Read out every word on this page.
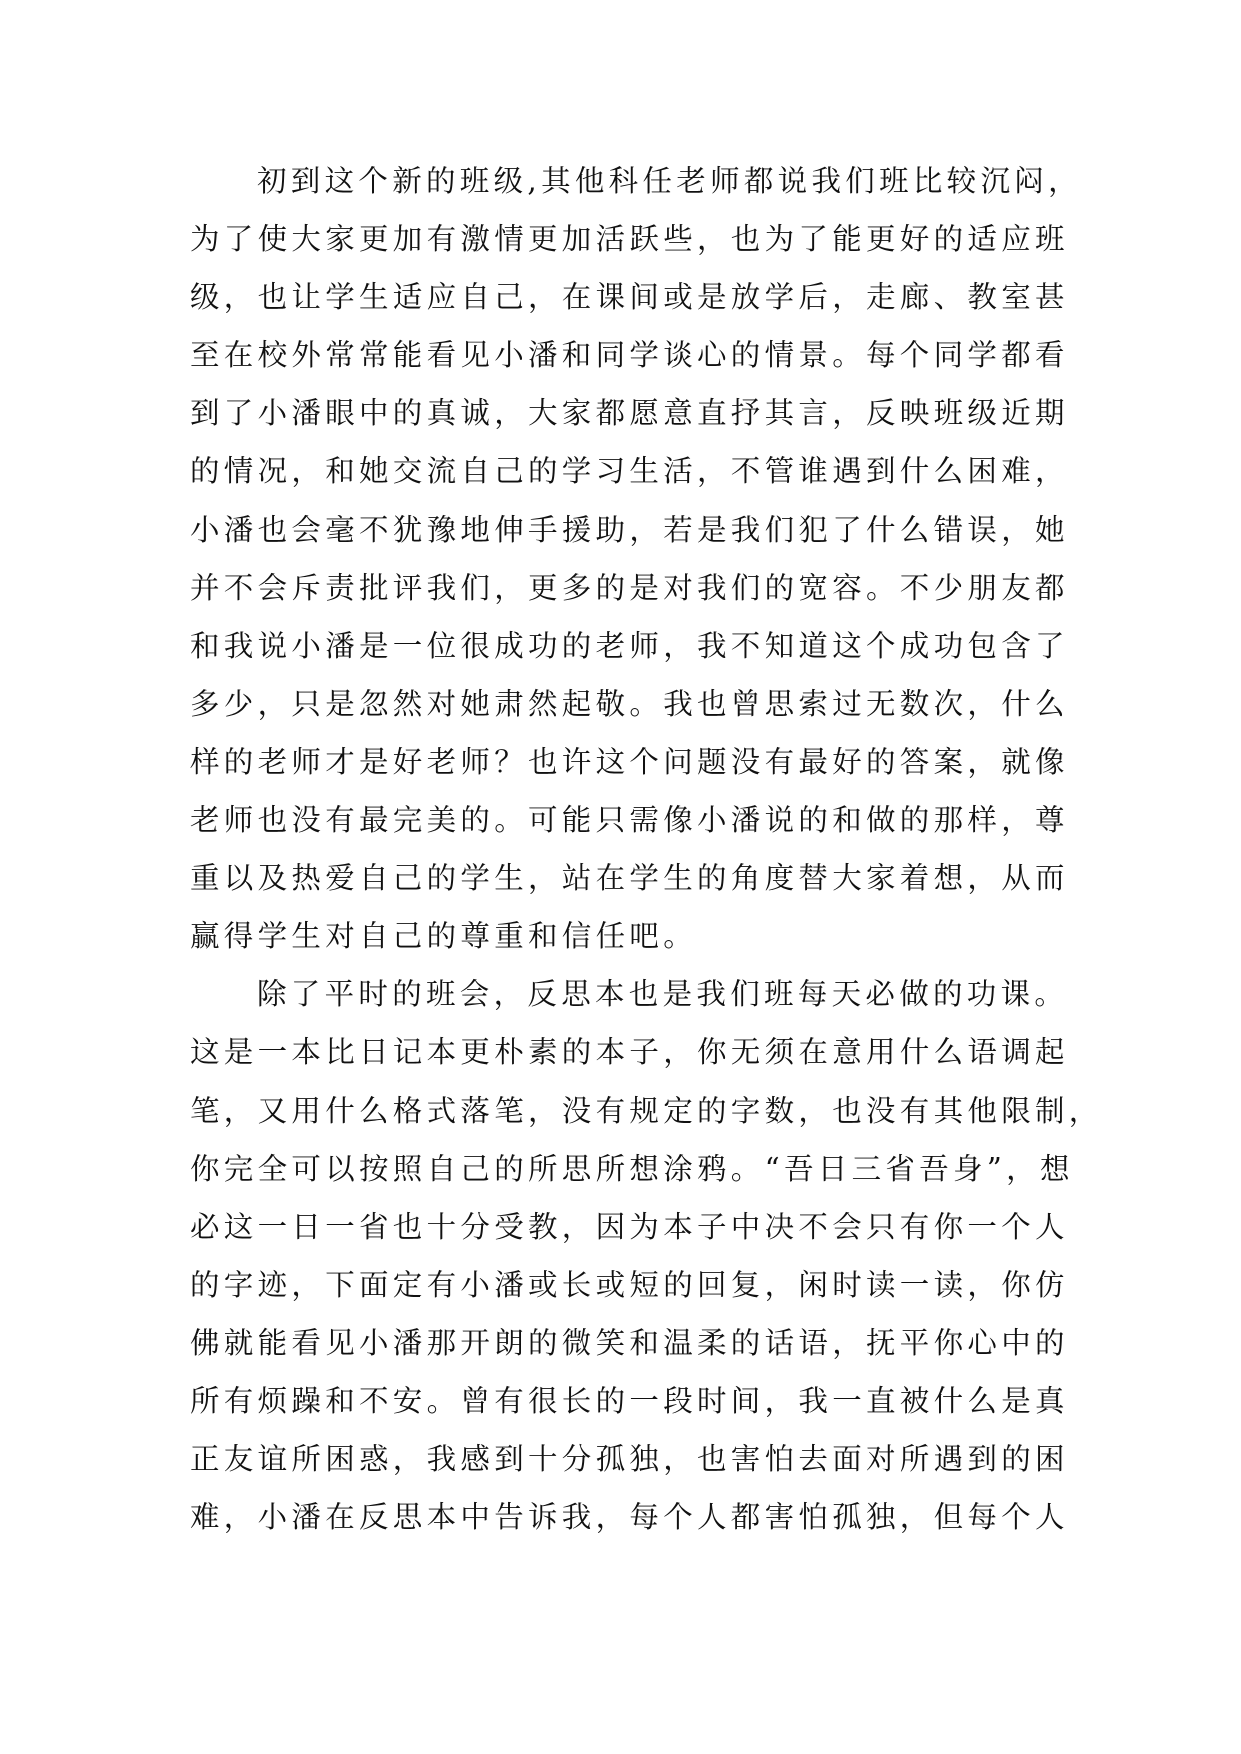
初到这个新的班级,其他科任老师都说我们班比较沉闷，
为了使大家更加有激情更加活跃些，也为了能更好的适应班
级，也让学生适应自己，在课间或是放学后，走廊、教室甚
至在校外常常能看见小潘和同学谈心的情景。每个同学都看
到了小潘眼中的真诚，大家都愿意直抒其言，反映班级近期
的情况，和她交流自己的学习生活，不管谁遇到什么困难，
小潘也会毫不犹豫地伸手援助，若是我们犯了什么错误，她
并不会斥责批评我们，更多的是对我们的宽容。不少朋友都
和我说小潘是一位很成功的老师，我不知道这个成功包含了
多少，只是忽然对她肃然起敬。我也曾思索过无数次，什么
样的老师才是好老师？也许这个问题没有最好的答案，就像
老师也没有最完美的。可能只需像小潘说的和做的那样，尊
重以及热爱自己的学生，站在学生的角度替大家着想，从而
赢得学生对自己的尊重和信任吧。
除了平时的班会，反思本也是我们班每天必做的功课。
这是一本比日记本更朴素的本子，你无须在意用什么语调起
笔，又用什么格式落笔，没有规定的字数，也没有其他限制，
你完全可以按照自己的所思所想涂鸦。“吾日三省吾身”，想
必这一日一省也十分受教，因为本子中决不会只有你一个人
的字迹，下面定有小潘或长或短的回复，闲时读一读，你仿
佛就能看见小潘那开朗的微笑和温柔的话语，抚平你心中的
所有烦躁和不安。曾有很长的一段时间，我一直被什么是真
正友谊所困惑，我感到十分孤独，也害怕去面对所遇到的困
难，小潘在反思本中告诉我，每个人都害怕孤独，但每个人
